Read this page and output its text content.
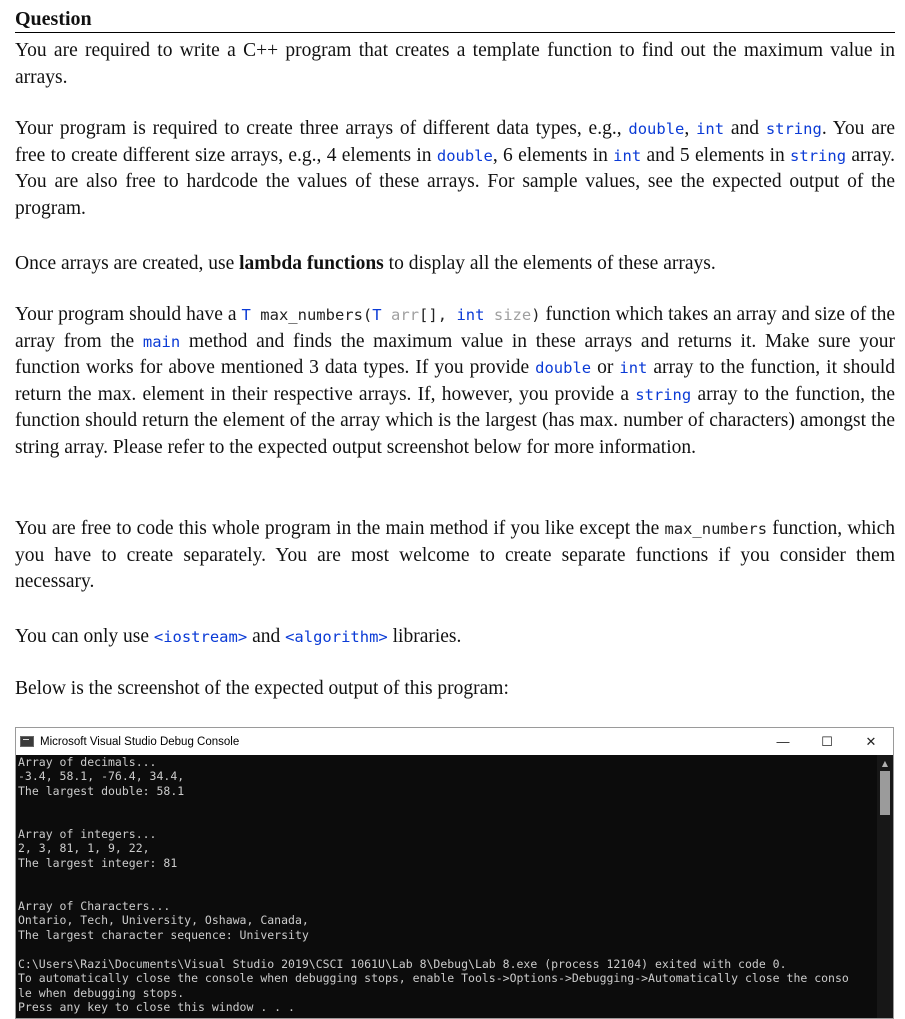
Question

You are required to write a C++ program that creates a template function to find out the maximum value in arrays.

Your program is required to create three arrays of different data types, e.g., double, int and string. You are free to create different size arrays, e.g., 4 elements in double, 6 elements in int and 5 elements in string array. You are also free to hardcode the values of these arrays. For sample values, see the expected output of the program.

Once arrays are created, use lambda functions to display all the elements of these arrays.

Your program should have a T max_numbers(T arr[], int size) function which takes an array and size of the array from the main method and finds the maximum value in these arrays and returns it. Make sure your function works for above mentioned 3 data types. If you provide double or int array to the function, it should return the max. element in their respective arrays. If, however, you provide a string array to the function, the function should return the element of the array which is the largest (has max. number of characters) amongst the string array. Please refer to the expected output screenshot below for more information.

You are free to code this whole program in the main method if you like except the max_numbers function, which you have to create separately. You are most welcome to create separate functions if you consider them necessary.

You can only use <iostream> and <algorithm> libraries.

Below is the screenshot of the expected output of this program:

Microsoft Visual Studio Debug Console	—	☐	✕
Array of decimals...
-3.4, 58.1, -76.4, 34.4,
The largest double: 58.1

Array of integers...
2, 3, 81, 1, 9, 22,
The largest integer: 81

Array of Characters...
Ontario, Tech, University, Oshawa, Canada,
The largest character sequence: University

C:\Users\Razi\Documents\Visual Studio 2019\CSCI 1061U\Lab 8\Debug\Lab 8.exe (process 12104) exited with code 0.
To automatically close the console when debugging stops, enable Tools->Options->Debugging->Automatically close the conso
le when debugging stops.
Press any key to close this window . . .
▲
